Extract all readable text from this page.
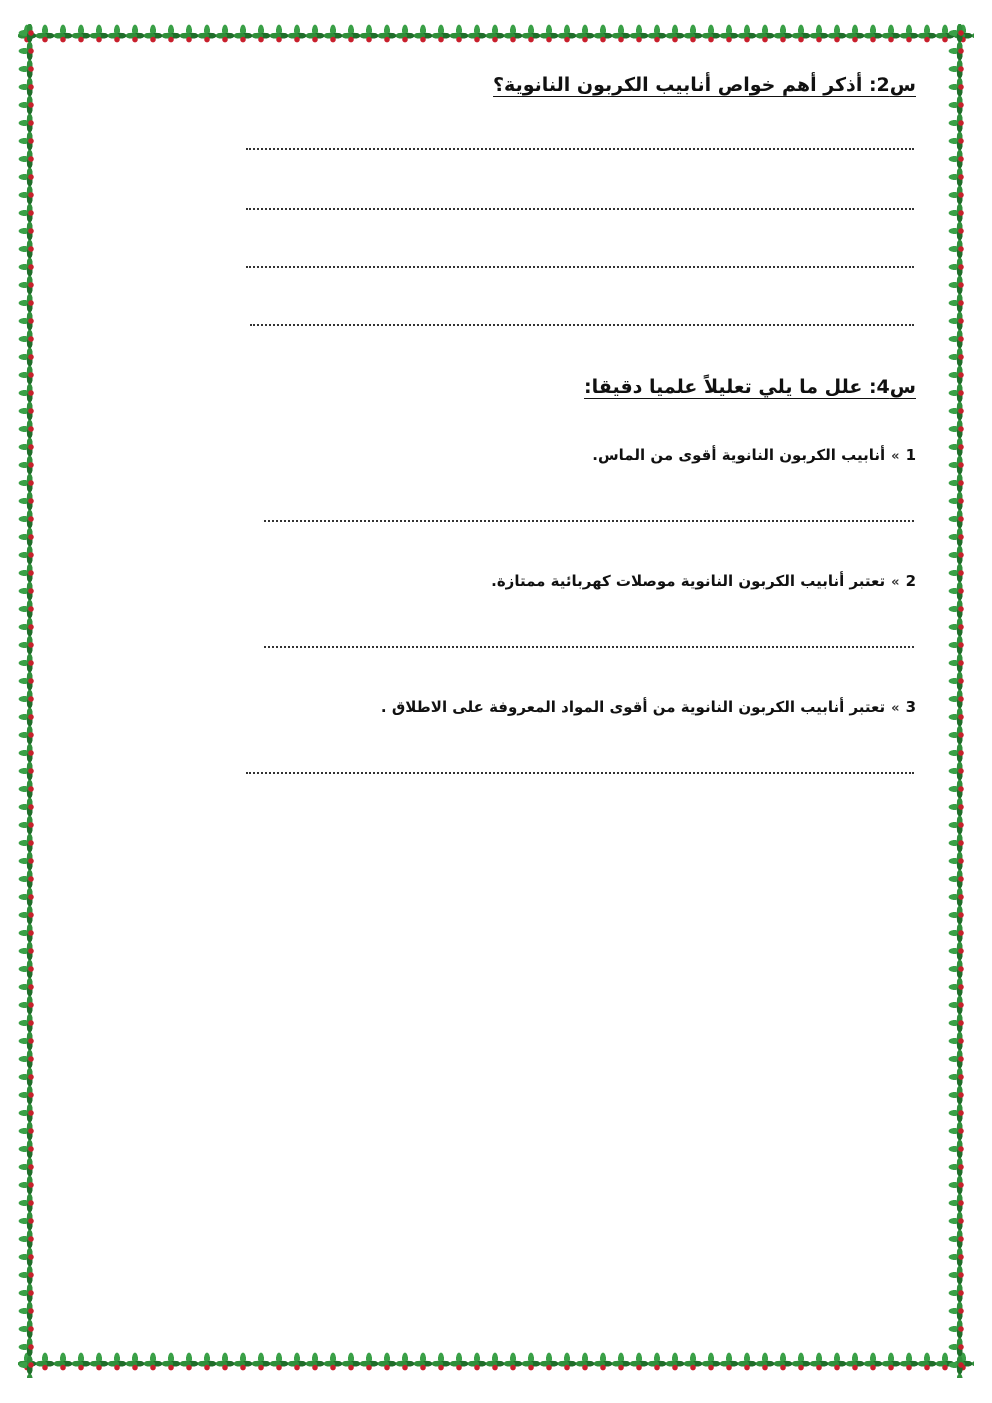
س2: أذكر أهم خواص أنابيب الكربون النانوية؟
س4: علل ما يلي تعليلاً علميا دقيقا:
1»أنابيب الكربون النانوية أقوى من الماس.
2»تعتبر أنابيب الكربون النانوية موصلات كهربائية ممتازة.
3»تعتبر أنابيب الكربون النانوية من أقوى المواد المعروفة على الاطلاق .
